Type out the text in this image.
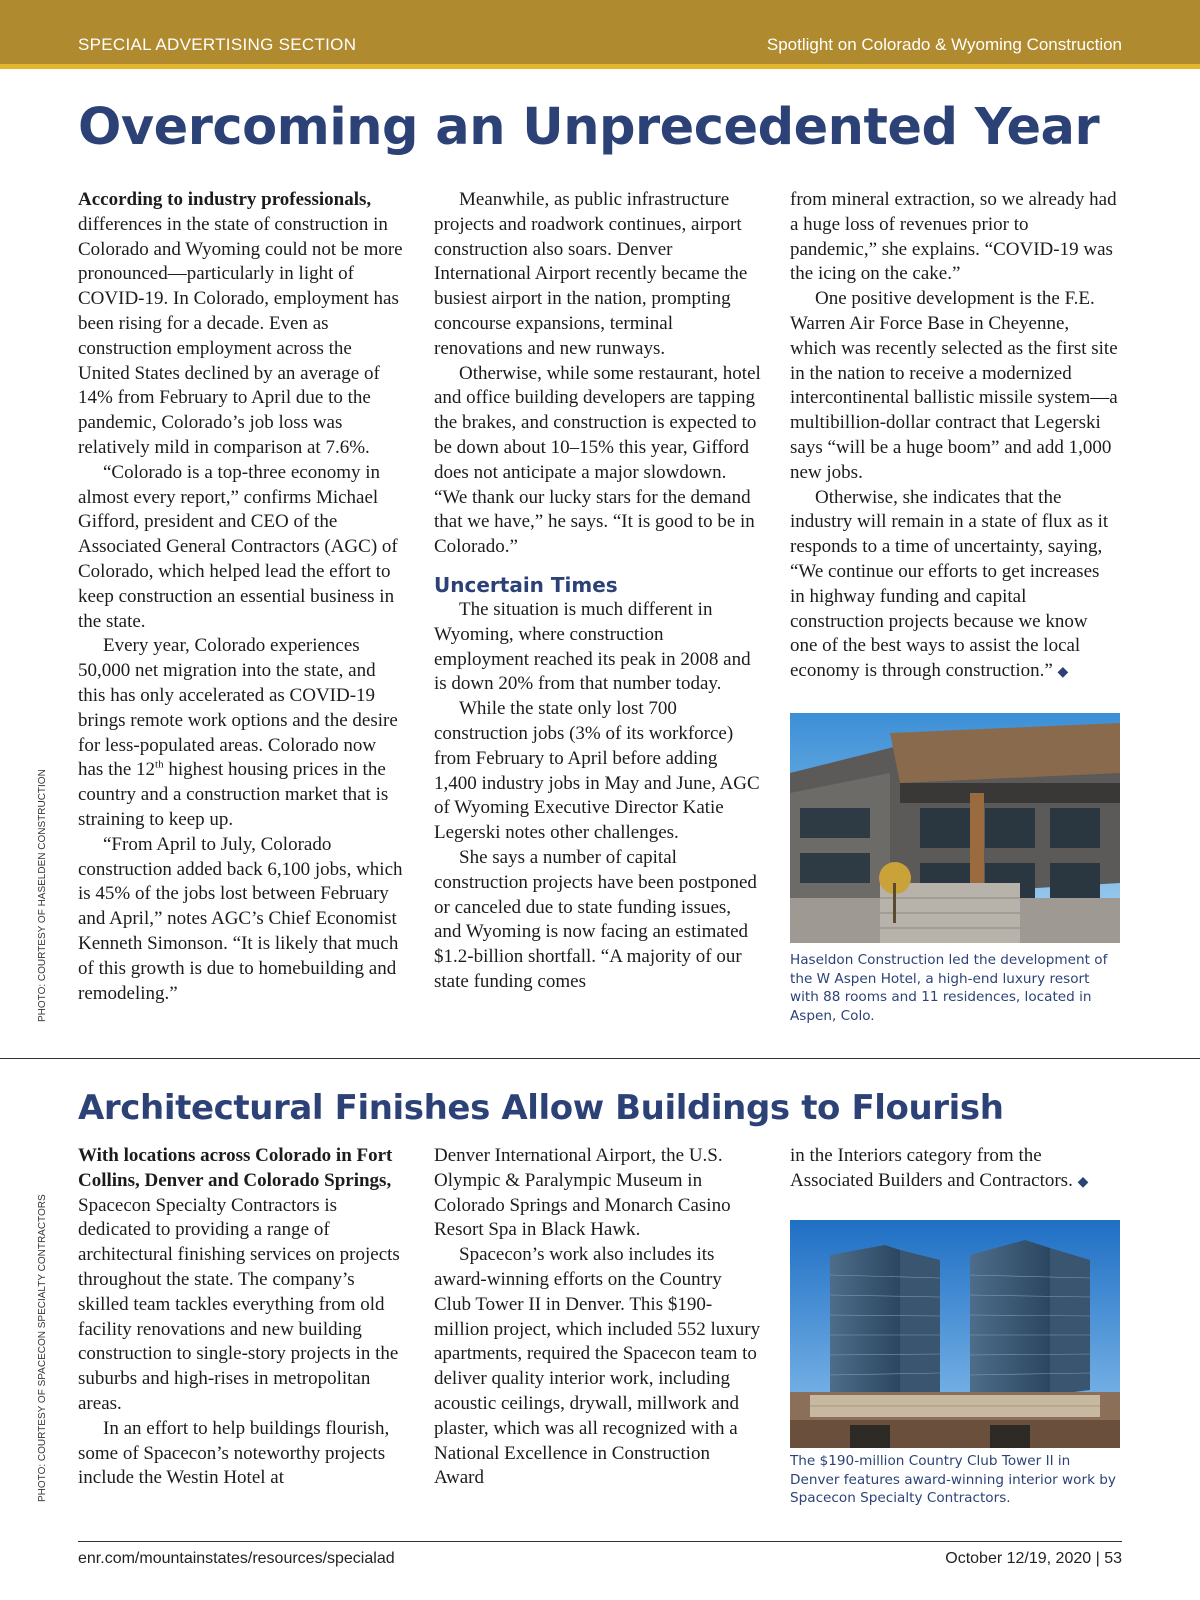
SPECIAL ADVERTISING SECTION	Spotlight on Colorado & Wyoming Construction
Overcoming an Unprecedented Year

According to industry professionals, differences in the state of construction in Colorado and Wyoming could not be more pronounced—particularly in light of COVID-19. In Colorado, employment has been rising for a decade. Even as construction employment across the United States declined by an average of 14% from February to April due to the pandemic, Colorado’s job loss was relatively mild in comparison at 7.6%.

“Colorado is a top-three economy in almost every report,” confirms Michael Gifford, president and CEO of the Associated General Contractors (AGC) of Colorado, which helped lead the effort to keep construction an essential business in the state.

Every year, Colorado experiences 50,000 net migration into the state, and this has only accelerated as COVID-19 brings remote work options and the desire for less-populated areas. Colorado now has the 12th highest housing prices in the country and a construction market that is straining to keep up.

“From April to July, Colorado construction added back 6,100 jobs, which is 45% of the jobs lost between February and April,” notes AGC’s Chief Economist Kenneth Simonson. “It is likely that much of this growth is due to homebuilding and remodeling.”

Meanwhile, as public infrastructure projects and roadwork continues, airport construction also soars. Denver International Airport recently became the busiest airport in the nation, prompting concourse expansions, terminal renovations and new runways.

Otherwise, while some restaurant, hotel and office building developers are tapping the brakes, and construction is expected to be down about 10–15% this year, Gifford does not anticipate a major slowdown. “We thank our lucky stars for the demand that we have,” he says. “It is good to be in Colorado.”

Uncertain Times

The situation is much different in Wyoming, where construction employment reached its peak in 2008 and is down 20% from that number today.

While the state only lost 700 construction jobs (3% of its workforce) from February to April before adding 1,400 industry jobs in May and June, AGC of Wyoming Executive Director Katie Legerski notes other challenges.

She says a number of capital construction projects have been postponed or canceled due to state funding issues, and Wyoming is now facing an estimated $1.2-billion shortfall. “A majority of our state funding comes

from mineral extraction, so we already had a huge loss of revenues prior to pandemic,” she explains. “COVID-19 was the icing on the cake.”

One positive development is the F.E. Warren Air Force Base in Cheyenne, which was recently selected as the first site in the nation to receive a modernized intercontinental ballistic missile system—a multibillion-dollar contract that Legerski says “will be a huge boom” and add 1,000 new jobs.

Otherwise, she indicates that the industry will remain in a state of flux as it responds to a time of uncertainty, saying, “We continue our efforts to get increases in highway funding and capital construction projects because we know one of the best ways to assist the local economy is through construction.” ◆

Haseldon Construction led the development of the W Aspen Hotel, a high-end luxury resort with 88 rooms and 11 residences, located in Aspen, Colo.
PHOTO: COURTESY OF HASELDEN CONSTRUCTION
Architectural Finishes Allow Buildings to Flourish

With locations across Colorado in Fort Collins, Denver and Colorado Springs, Spacecon Specialty Contractors is dedicated to providing a range of architectural finishing services on projects throughout the state. The company’s skilled team tackles everything from old facility renovations and new building construction to single-story projects in the suburbs and high-rises in metropolitan areas.

In an effort to help buildings flourish, some of Spacecon’s noteworthy projects include the Westin Hotel at

Denver International Airport, the U.S. Olympic & Paralympic Museum in Colorado Springs and Monarch Casino Resort Spa in Black Hawk.

Spacecon’s work also includes its award-winning efforts on the Country Club Tower II in Denver. This $190-million project, which included 552 luxury apartments, required the Spacecon team to deliver quality interior work, including acoustic ceilings, drywall, millwork and plaster, which was all recognized with a National Excellence in Construction Award

in the Interiors category from the Associated Builders and Contractors. ◆

The $190-million Country Club Tower II in Denver features award-winning interior work by Spacecon Specialty Contractors.
PHOTO: COURTESY OF SPACECON SPECIALTY CONTRACTORS
enr.com/mountainstates/resources/specialad	October 12/19, 2020 | 53
